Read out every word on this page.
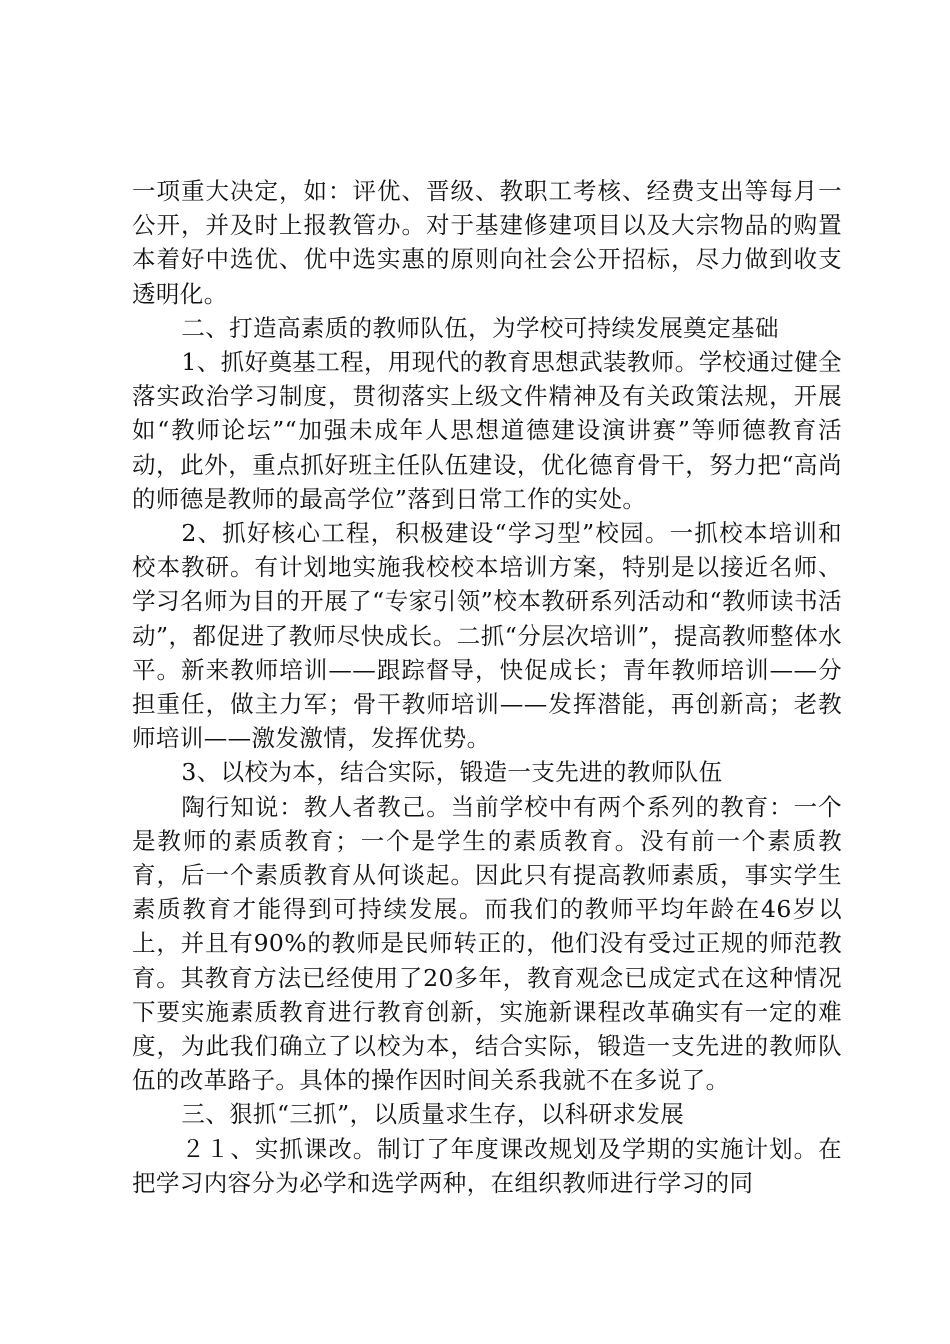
一项重大决定，如：评优、晋级、教职工考核、经费支出等每月一公开，并及时上报教管办。对于基建修建项目以及大宗物品的购置本着好中选优、优中选实惠的原则向社会公开招标，尽力做到收支透明化。

二、打造高素质的教师队伍，为学校可持续发展奠定基础

1、抓好奠基工程，用现代的教育思想武装教师。学校通过健全落实政治学习制度，贯彻落实上级文件精神及有关政策法规，开展如“教师论坛”“加强未成年人思想道德建设演讲赛”等师德教育活动，此外，重点抓好班主任队伍建设，优化德育骨干，努力把“高尚的师德是教师的最高学位”落到日常工作的实处。

2、抓好核心工程，积极建设“学习型”校园。一抓校本培训和校本教研。有计划地实施我校校本培训方案，特别是以接近名师、学习名师为目的开展了“专家引领”校本教研系列活动和“教师读书活动”，都促进了教师尽快成长。二抓“分层次培训”，提高教师整体水平。新来教师培训——跟踪督导，快促成长；青年教师培训——分担重任，做主力军；骨干教师培训——发挥潜能，再创新高；老教师培训——激发激情，发挥优势。

3、以校为本，结合实际，锻造一支先进的教师队伍

陶行知说：教人者教己。当前学校中有两个系列的教育：一个是教师的素质教育；一个是学生的素质教育。没有前一个素质教育，后一个素质教育从何谈起。因此只有提高教师素质，事实学生素质教育才能得到可持续发展。而我们的教师平均年龄在46岁以上，并且有90%的教师是民师转正的，他们没有受过正规的师范教育。其教育方法已经使用了20多年，教育观念已成定式在这种情况下要实施素质教育进行教育创新，实施新课程改革确实有一定的难度，为此我们确立了以校为本，结合实际，锻造一支先进的教师队伍的改革路子。具体的操作因时间关系我就不在多说了。

三、狠抓“三抓”，以质量求生存，以科研求发展

２１、实抓课改。制订了年度课改规划及学期的实施计划。在把学习内容分为必学和选学两种，在组织教师进行学习的同
